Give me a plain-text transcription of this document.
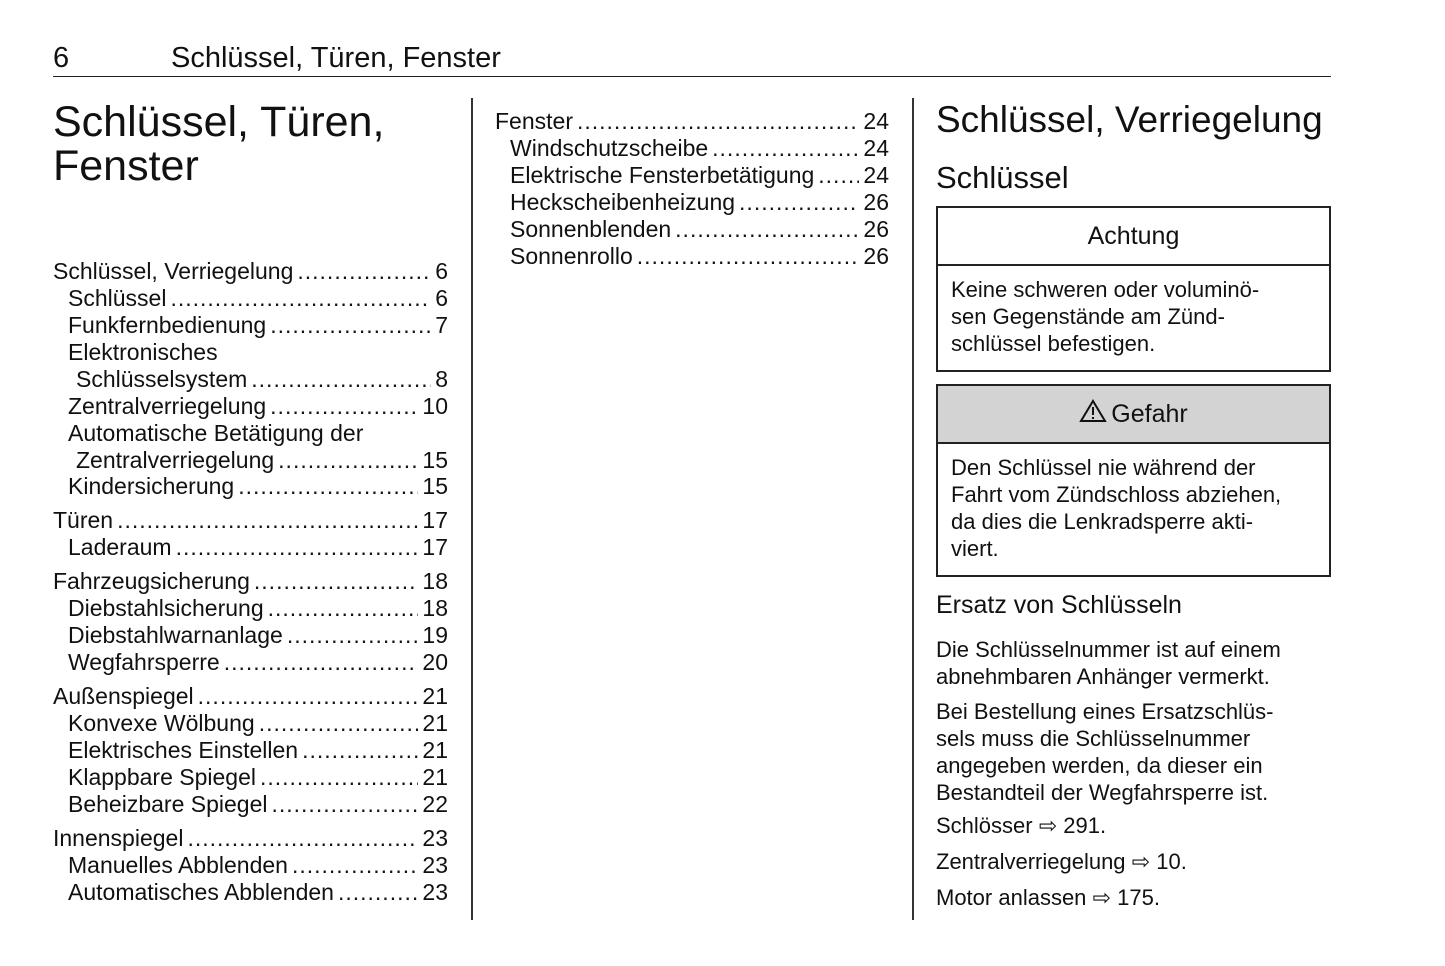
6	Schlüssel, Türen, Fenster
Schlüssel, Türen,
Fenster
Schlüssel, Verriegelung .....	6
Schlüssel .....	6
Funkfernbedienung .....	7
Elektronisches
Schlüsselsystem .....	8
Zentralverriegelung .....	10
Automatische Betätigung der
Zentralverriegelung .....	15
Kindersicherung .....	15
Türen .....	17
Laderaum .....	17
Fahrzeugsicherung .....	18
Diebstahlsicherung .....	18
Diebstahlwarnanlage .....	19
Wegfahrsperre .....	20
Außenspiegel .....	21
Konvexe Wölbung .....	21
Elektrisches Einstellen .....	21
Klappbare Spiegel .....	21
Beheizbare Spiegel .....	22
Innenspiegel .....	23
Manuelles Abblenden .....	23
Automatisches Abblenden .....	23
Fenster .....	24
Windschutzscheibe .....	24
Elektrische Fensterbetätigung ..... 24
Heckscheibenheizung .....	26
Sonnenblenden .....	26
Sonnenrollo .....	26
Schlüssel, Verriegelung
Schlüssel
Achtung
Keine schweren oder voluminö-
sen Gegenstände am Zünd-
schlüssel befestigen.
Gefahr
Den Schlüssel nie während der
Fahrt vom Zündschloss abziehen,
da dies die Lenkradsperre akti-
viert.
Ersatz von Schlüsseln

Die Schlüsselnummer ist auf einem
abnehmbaren Anhänger vermerkt.

Bei Bestellung eines Ersatzschlüs-
sels muss die Schlüsselnummer
angegeben werden, da dieser ein
Bestandteil der Wegfahrsperre ist.

Schlösser ⇨ 291.

Zentralverriegelung ⇨ 10.

Motor anlassen ⇨ 175.
